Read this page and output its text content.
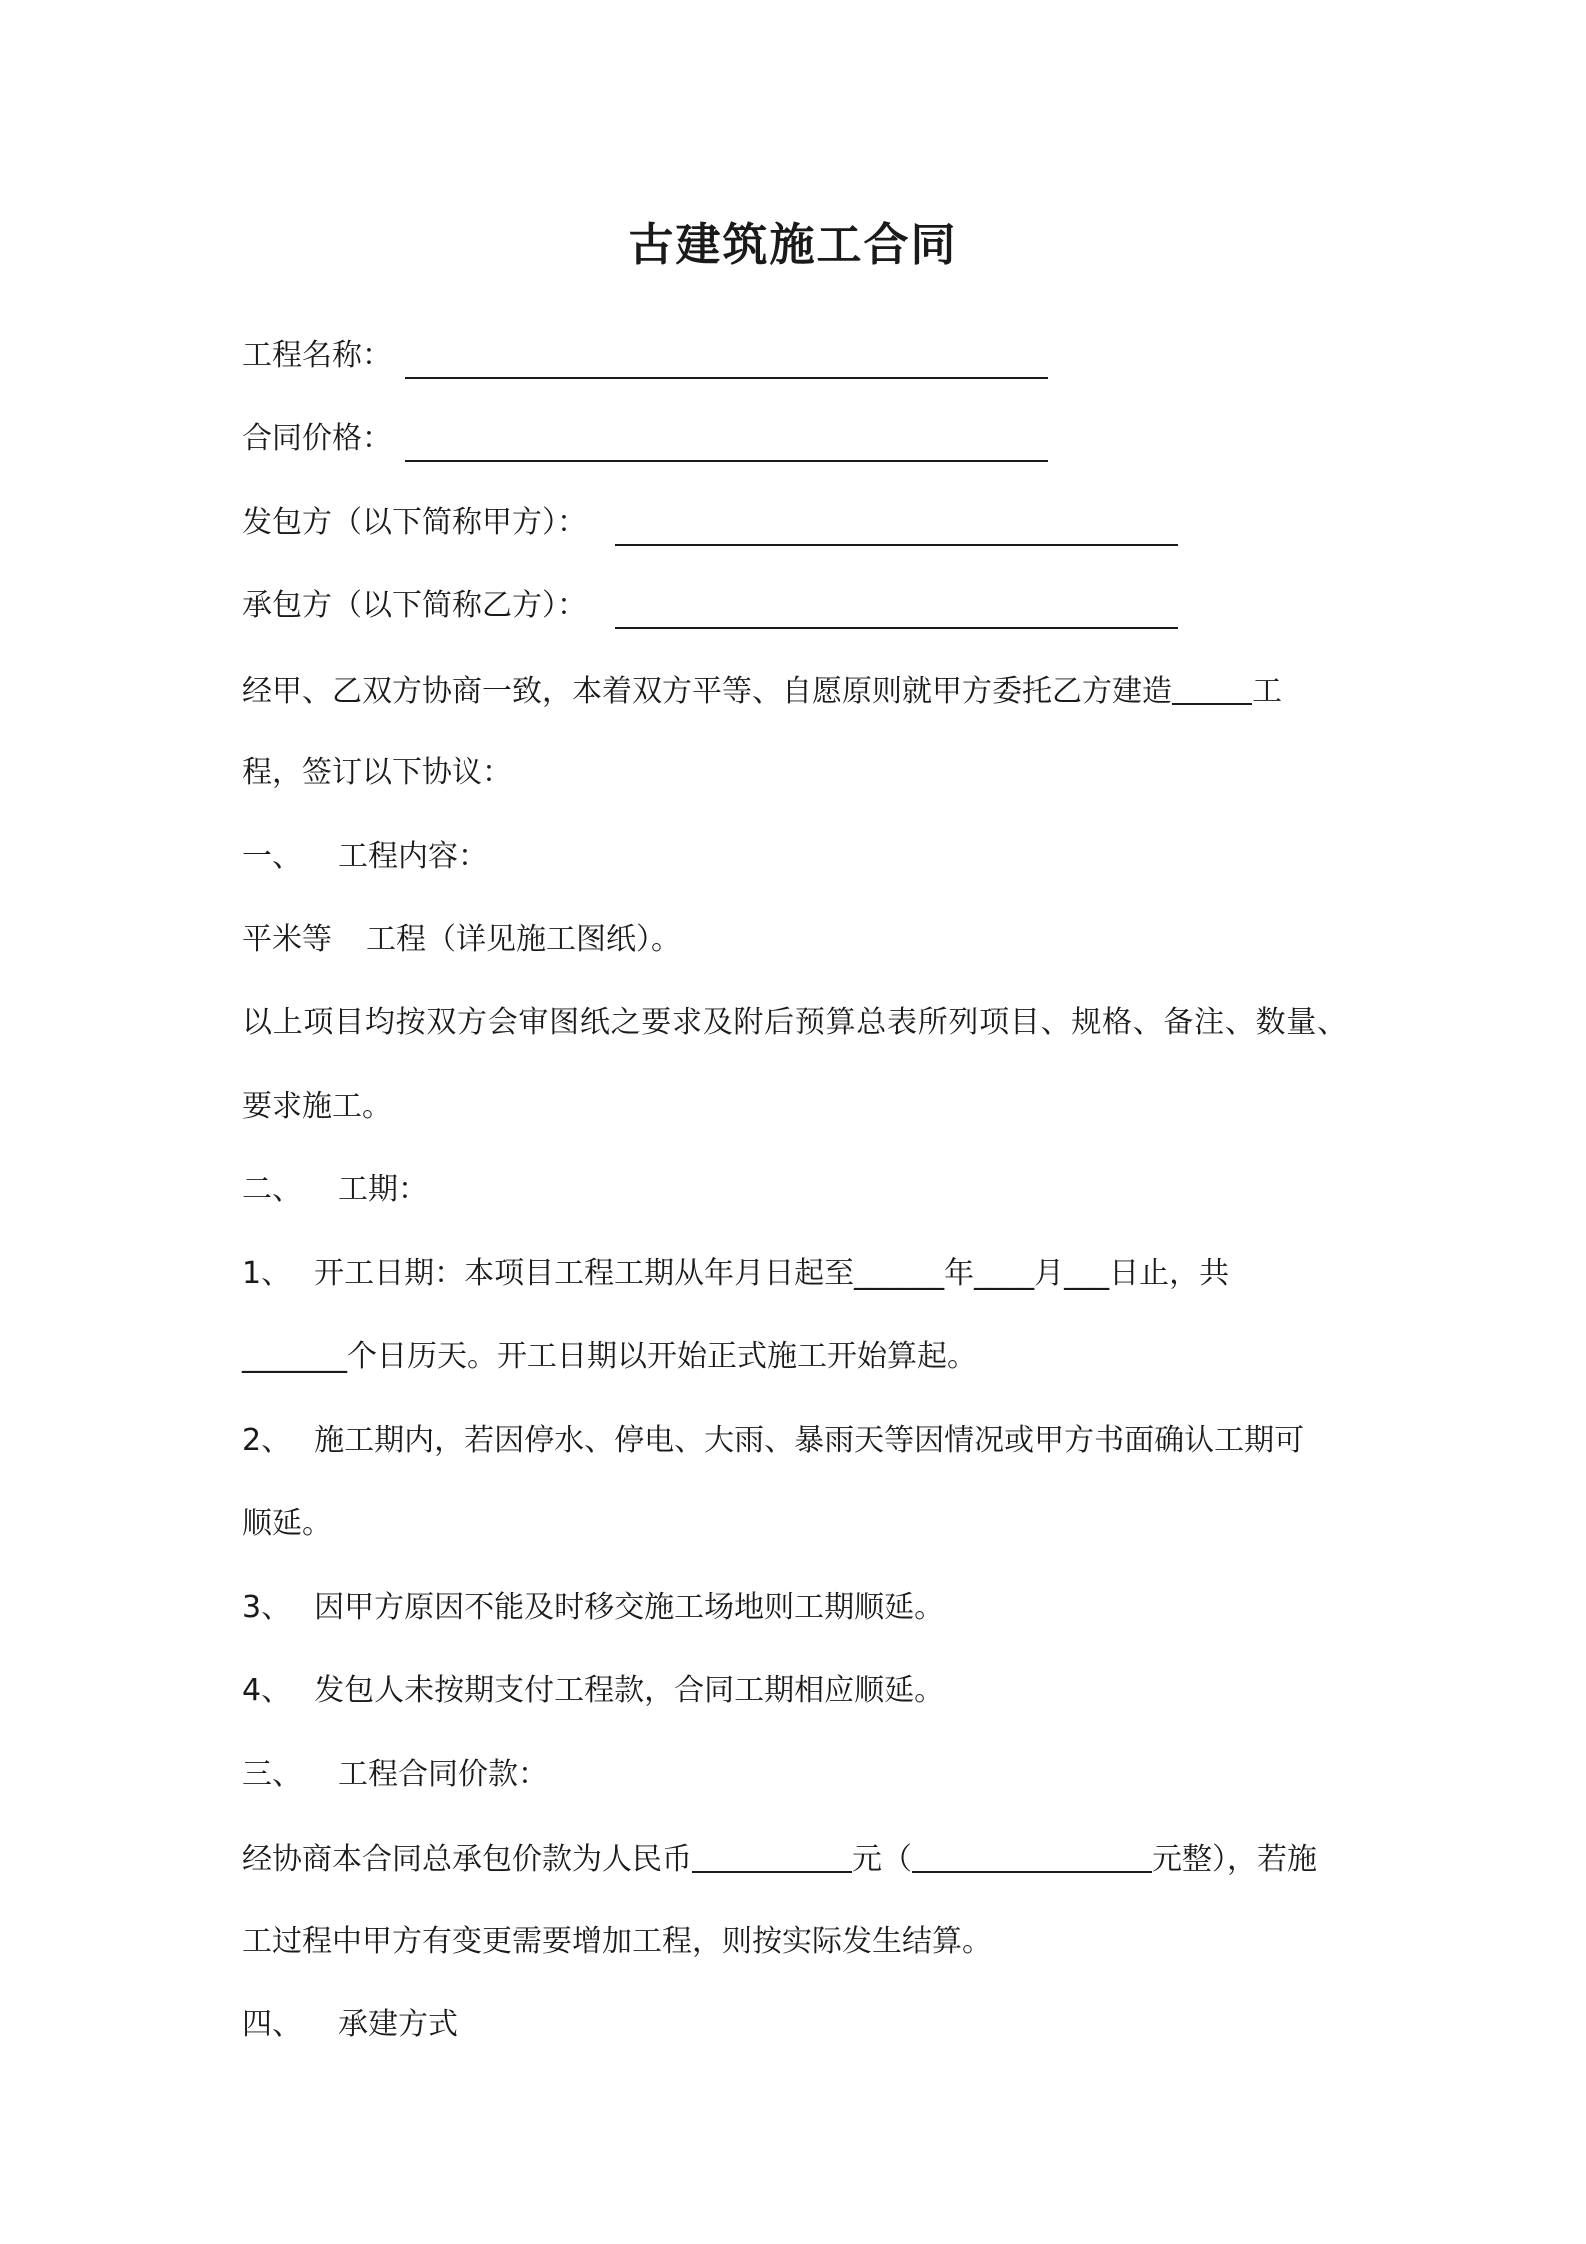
古建筑施工合同
工程名称：
合同价格：
发包方（以下简称甲方）：
承包方（以下简称乙方）：
经甲、乙双方协商一致，本着双方平等、自愿原则就甲方委托乙方建造	工
程，签订以下协议：
一、 工程内容：
平米等 工程（详见施工图纸）。
以上项目均按双方会审图纸之要求及附后预算总表所列项目、规格、备注、数量、
要求施工。
二、 工期：
1、 开工日期：本项目工程工期从年月日起至______年____月___日止，共
_______个日历天。开工日期以开始正式施工开始算起。
2、 施工期内，若因停水、停电、大雨、暴雨天等因情况或甲方书面确认工期可
顺延。
3、 因甲方原因不能及时移交施工场地则工期顺延。
4、 发包人未按期支付工程款，合同工期相应顺延。
三、 工程合同价款：
经协商本合同总承包价款为人民币	元（	元整），若施
工过程中甲方有变更需要增加工程，则按实际发生结算。
四、 承建方式
